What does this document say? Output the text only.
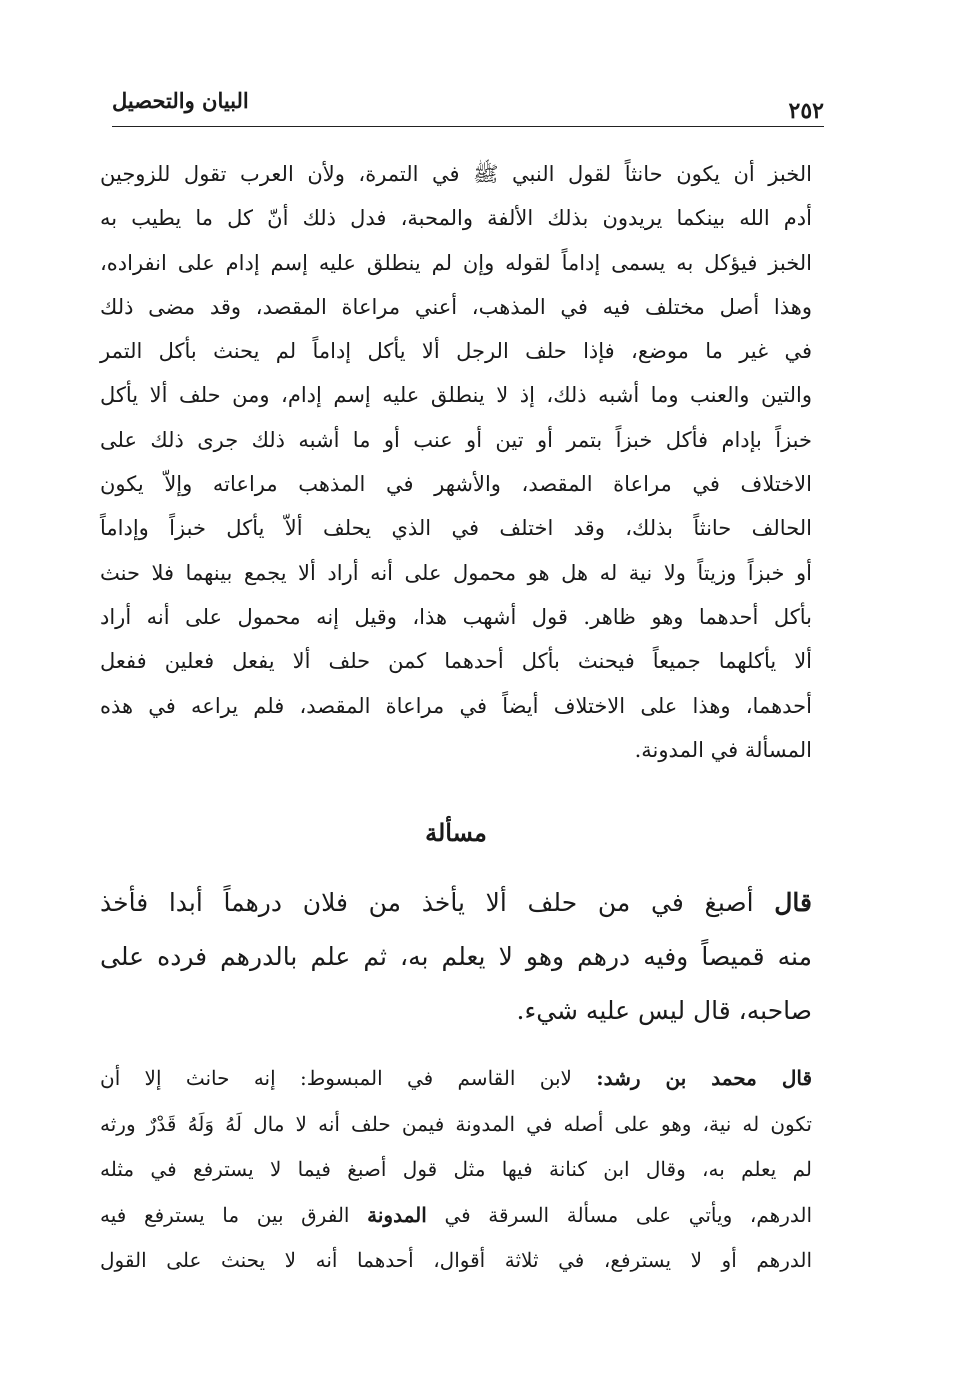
٢٥٢
البيان والتحصيل
الخبز أن يكون حانثاً لقول النبي ﷺ في التمرة، ولأن العرب تقول للزوجين
أدم الله بينكما يريدون بذلك الألفة والمحبة، فدل ذلك أنّ كل ما يطيب به
الخبز فيؤكل به يسمى إداماً لقوله وإن لم ينطلق عليه إسم إدام على انفراده،
وهذا أصل مختلف فيه في المذهب، أعني مراعاة المقصد، وقد مضى ذلك
في غير ما موضع، فإذا حلف الرجل ألا يأكل إداماً لم يحنث بأكل التمر
والتين والعنب وما أشبه ذلك، إذ لا ينطلق عليه إسم إدام، ومن حلف ألا يأكل
خبزاً بإدام فأكل خبزاً بتمر أو تين أو عنب أو ما أشبه ذلك جرى ذلك على
الاختلاف في مراعاة المقصد، والأشهر في المذهب مراعاته وإلاّ يكون
الحالف حانثاً بذلك، وقد اختلف في الذي يحلف ألاّ يأكل خبزاً وإداماً
أو خبزاً وزيتاً ولا نية له هل هو محمول على أنه أراد ألا يجمع بينهما فلا حنث
بأكل أحدهما وهو ظاهر. قول أشهب هذا، وقيل إنه محمول على أنه أراد
ألا يأكلهما جميعاً فيحنث بأكل أحدهما كمن حلف ألا يفعل فعلين ففعل
أحدهما، وهذا على الاختلاف أيضاً في مراعاة المقصد، فلم يراعه في هذه
المسألة في المدونة.
مسألة
قال أصبغ في من حلف ألا يأخذ من فلان درهماً أبدا فأخذ
منه قميصاً وفيه درهم وهو لا يعلم به، ثم علم بالدرهم فرده على
صاحبه، قال ليس عليه شيء.
قال محمد بن رشد: لابن القاسم في المبسوط: إنه حانث إلا أن
تكون له نية، وهو على أصله في المدونة فيمن حلف أنه لا مال لَهُ وَلَهُ قَدْرٌ ورثه
لم يعلم به، وقال ابن كنانة فيها مثل قول أصبغ فيما لا يسترفع في مثله
الدرهم، ويأتي على مسألة السرقة في المدونة الفرق بين ما يسترفع فيه
الدرهم أو لا يسترفع، في ثلاثة أقوال، أحدهما أنه لا يحنث على القول
